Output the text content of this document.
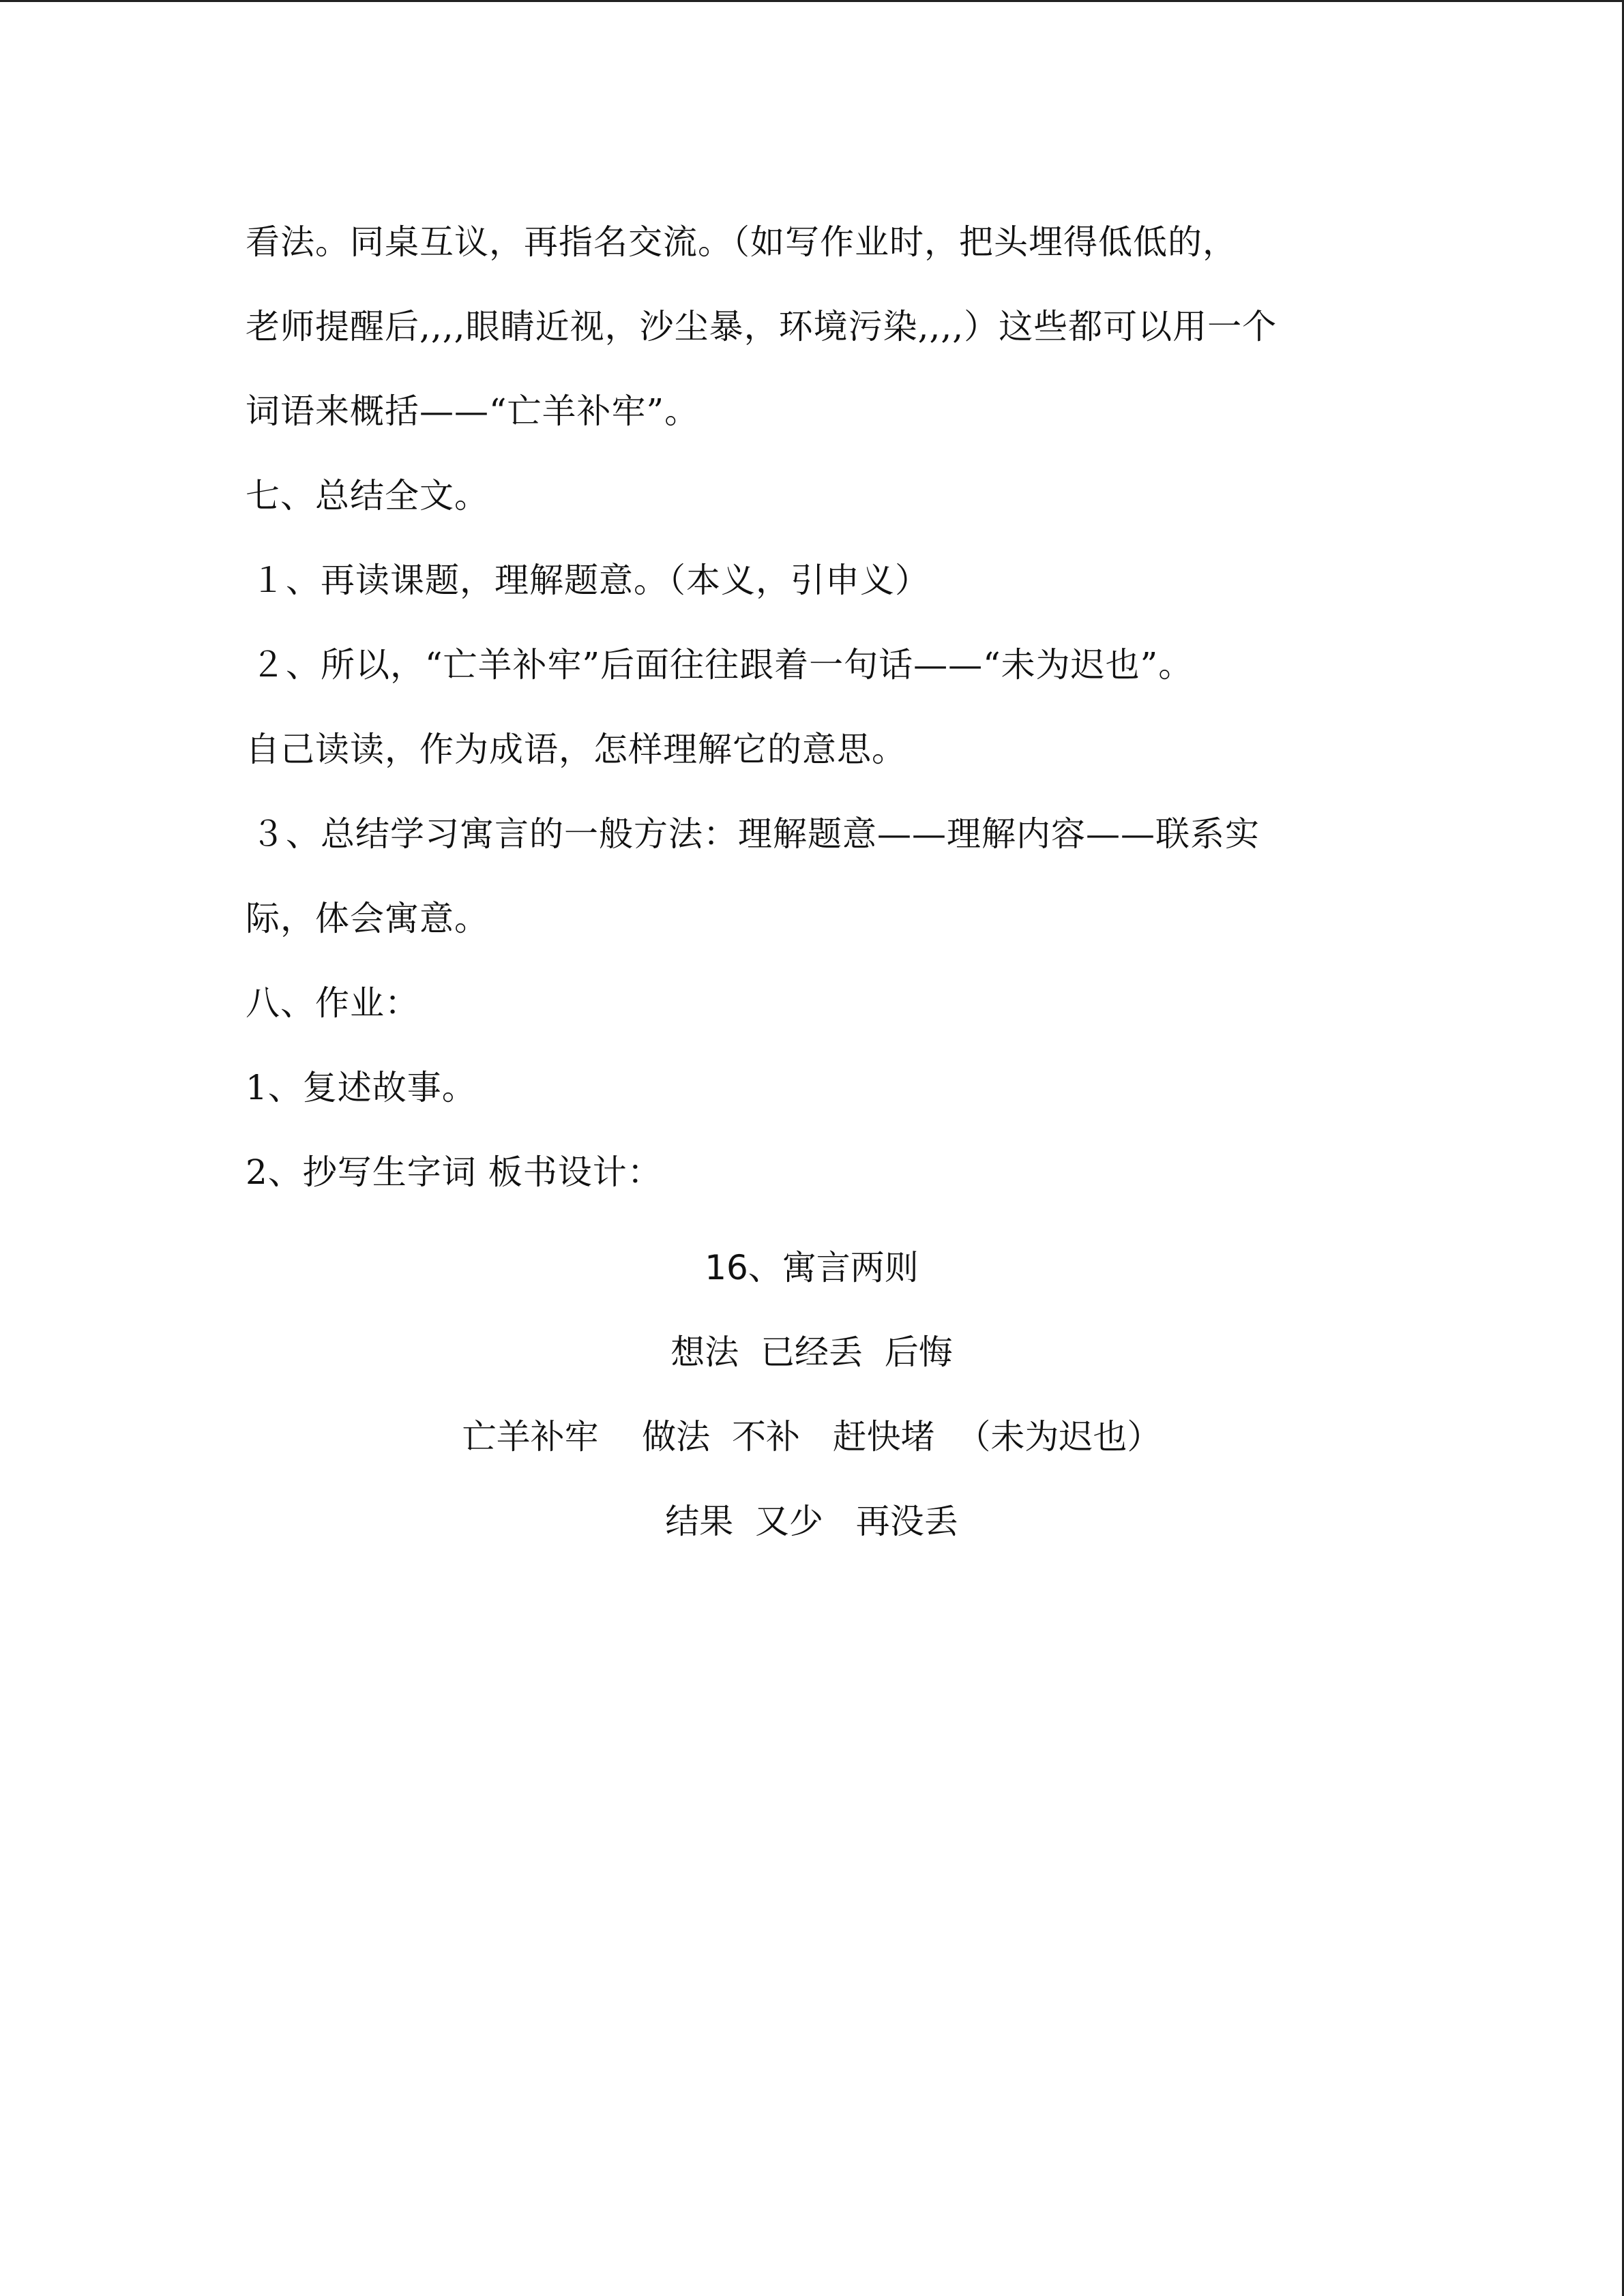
看法。同桌互议，再指名交流。（如写作业时，把头埋得低低的，
老师提醒后,,,,眼睛近视，沙尘暴，环境污染,,,,）这些都可以用一个
词语来概括——“亡羊补牢”。
七、总结全文。
１、再读课题，理解题意。（本义，引申义）
２、所以，“亡羊补牢”后面往往跟着一句话——“未为迟也”。
自己读读，作为成语，怎样理解它的意思。
３、总结学习寓言的一般方法：理解题意——理解内容——联系实
际，体会寓意。
八、作业：
1、复述故事。
2、抄写生字词 板书设计：
16、寓言两则
想法  已经丢  后悔
亡羊补牢    做法  不补   赶快堵  （未为迟也）
结果  又少   再没丢
